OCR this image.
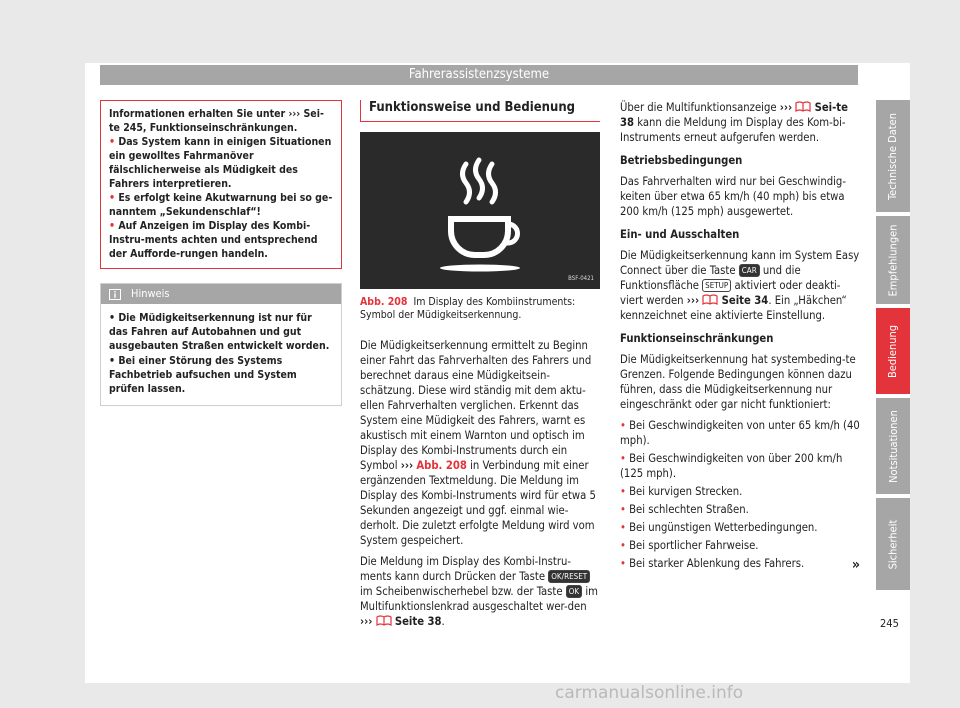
Fahrerassistenzsysteme

Informationen erhalten Sie unter ››› Sei-te 245, Funktionseinschränkungen.

• Das System kann in einigen Situationen ein gewolltes Fahrmanöver fälschlicherweise als Müdigkeit des Fahrers interpretieren.

• Es erfolgt keine Akutwarnung bei so ge-nanntem „Sekundenschlaf“!

• Auf Anzeigen im Display des Kombi-Instru-ments achten und entsprechend der Aufforde-rungen handeln.

Hinweis

• Die Müdigkeitserkennung ist nur für das Fahren auf Autobahnen und gut ausgebauten Straßen entwickelt worden.

• Bei einer Störung des Systems Fachbetrieb aufsuchen und System prüfen lassen.

Funktionsweise und Bedienung
BSF-0421
Abb. 208 Im Display des Kombiinstruments: Symbol der Müdigkeitserkennung.

Die Müdigkeitserkennung ermittelt zu Beginn einer Fahrt das Fahrverhalten des Fahrers und berechnet daraus eine Müdigkeitsein-schätzung. Diese wird ständig mit dem aktu-ellen Fahrverhalten verglichen. Erkennt das System eine Müdigkeit des Fahrers, warnt es akustisch mit einem Warnton und optisch im Display des Kombi-Instruments durch ein Symbol ››› Abb. 208 in Verbindung mit einer ergänzenden Textmeldung. Die Meldung im Display des Kombi-Instruments wird für etwa 5 Sekunden angezeigt und ggf. einmal wie-derholt. Die zuletzt erfolgte Meldung wird vom System gespeichert.

Die Meldung im Display des Kombi-Instru-ments kann durch Drücken der Taste OK/RESET im Scheibenwischerhebel bzw. der Taste OK im Multifunktionslenkrad ausgeschaltet wer-den ››› Seite 38.

Über die Multifunktionsanzeige ››› Sei-te 38 kann die Meldung im Display des Kom-bi-Instruments erneut aufgerufen werden.

Betriebsbedingungen

Das Fahrverhalten wird nur bei Geschwindig-keiten über etwa 65 km/h (40 mph) bis etwa 200 km/h (125 mph) ausgewertet.

Ein- und Ausschalten

Die Müdigkeitserkennung kann im System Easy Connect über die Taste CAR und die Funktionsfläche SETUP aktiviert oder deakti-viert werden ››› Seite 34. Ein „Häkchen“ kennzeichnet eine aktivierte Einstellung.

Funktionseinschränkungen

Die Müdigkeitserkennung hat systembeding-te Grenzen. Folgende Bedingungen können dazu führen, dass die Müdigkeitserkennung nur eingeschränkt oder gar nicht funktioniert:

• Bei Geschwindigkeiten von unter 65 km/h (40 mph).
• Bei Geschwindigkeiten von über 200 km/h (125 mph).
• Bei kurvigen Strecken.
• Bei schlechten Straßen.
• Bei ungünstigen Wetterbedingungen.
• Bei sportlicher Fahrweise.
• Bei starker Ablenkung des Fahrers.	»
Technische Daten
Empfehlungen
Bedienung
Notsituationen
Sicherheit
245
carmanualsonline.info
